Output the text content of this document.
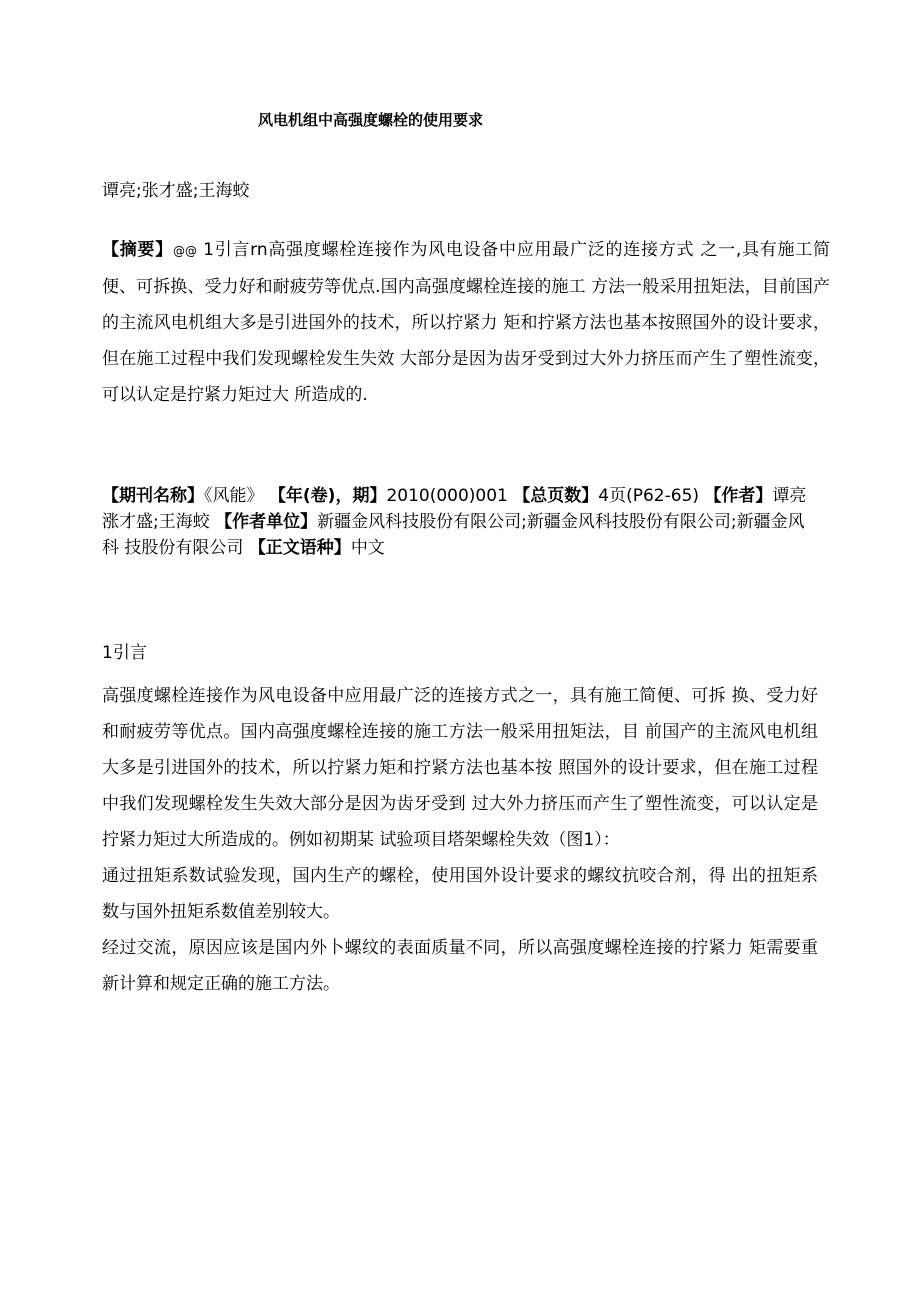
风电机组中高强度螺栓的使用要求
谭亮;张才盛;王海蛟
【摘要】@@ 1引言rn高强度螺栓连接作为风电设备中应用最广泛的连接方式 之一,具有施工简便、可拆换、受力好和耐疲劳等优点.国内高强度螺栓连接的施工 方法一般采用扭矩法，目前国产的主流风电机组大多是引进国外的技术，所以拧紧力 矩和拧紧方法也基本按照国外的设计要求，但在施工过程中我们发现螺栓发生失效 大部分是因为齿牙受到过大外力挤压而产生了塑性流变，可以认定是拧紧力矩过大 所造成的.
【期刊名称】《风能》 【年(卷)，期】2010(000)001 【总页数】4页(P62-65) 【作者】谭亮涨才盛;王海蛟 【作者单位】新疆金风科技股份有限公司;新疆金风科技股份有限公司;新疆金风科 技股份有限公司 【正文语种】中文
1引言

高强度螺栓连接作为风电设备中应用最广泛的连接方式之一，具有施工简便、可拆 换、受力好和耐疲劳等优点。国内高强度螺栓连接的施工方法一般采用扭矩法，目 前国产的主流风电机组大多是引进国外的技术，所以拧紧力矩和拧紧方法也基本按 照国外的设计要求，但在施工过程中我们发现螺栓发生失效大部分是因为齿牙受到 过大外力挤压而产生了塑性流变，可以认定是拧紧力矩过大所造成的。例如初期某 试验项目塔架螺栓失效（图1）：

通过扭矩系数试验发现，国内生产的螺栓，使用国外设计要求的螺纹抗咬合剂，得 出的扭矩系数与国外扭矩系数值差别较大。

经过交流，原因应该是国内外卜螺纹的表面质量不同，所以高强度螺栓连接的拧紧力 矩需要重新计算和规定正确的施工方法。
